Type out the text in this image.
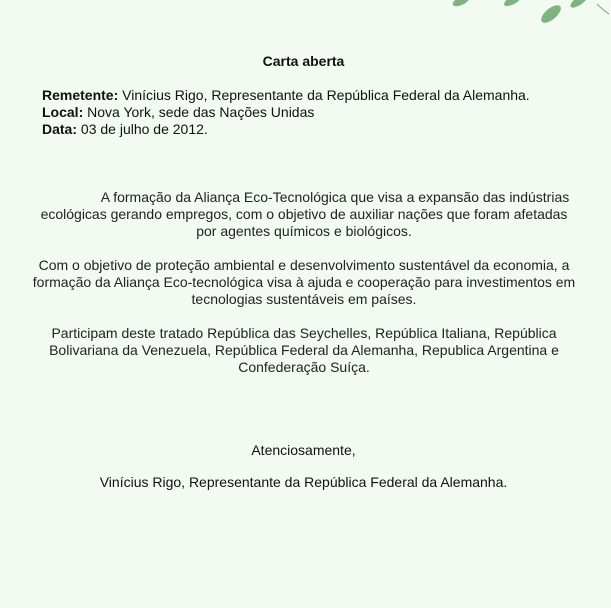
Carta aberta
Remetente: Vinícius Rigo, Representante da República Federal da Alemanha.
Local: Nova York, sede das Nações Unidas
Data: 03 de julho de 2012.
A formação da Aliança Eco-Tecnológica que visa a expansão das indústrias ecológicas gerando empregos, com o objetivo de auxiliar nações que foram afetadas por agentes químicos e biológicos.
Com o objetivo de proteção ambiental e desenvolvimento sustentável da economia, a formação da Aliança Eco-tecnológica visa à ajuda e cooperação para investimentos em tecnologias sustentáveis em países.
Participam deste tratado República das Seychelles, República Italiana, República Bolivariana da Venezuela, República Federal da Alemanha, Republica Argentina e Confederação Suíça.
Atenciosamente,
Vinícius Rigo, Representante da República Federal da Alemanha.
